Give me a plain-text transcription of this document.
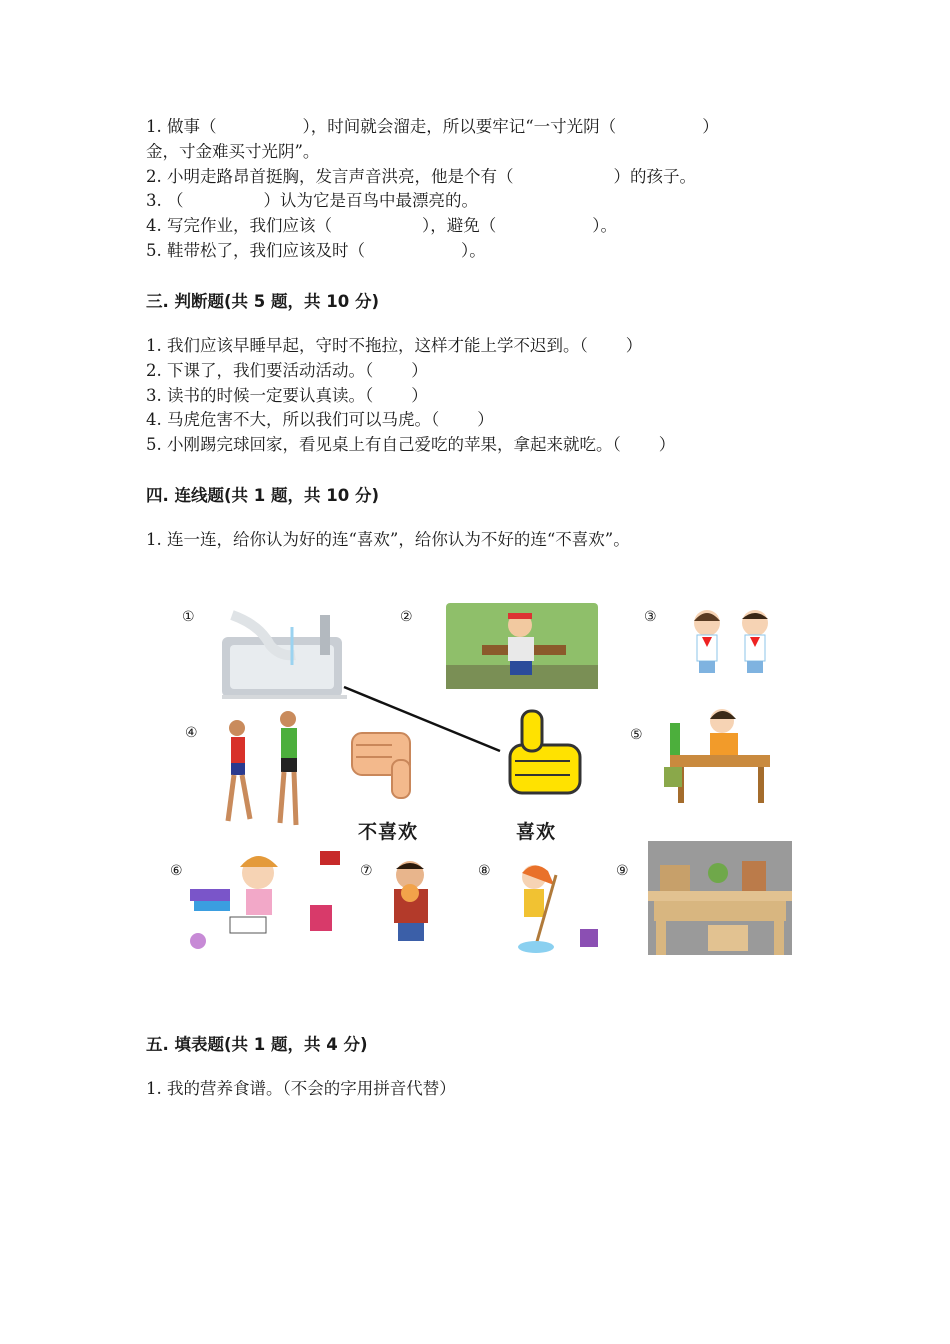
1. 做事（	），时间就会溜走，所以要牢记“一寸光阴（	）
金，寸金难买寸光阴”。
2. 小明走路昂首挺胸，发言声音洪亮，他是个有（	）的孩子。
3. （	）认为它是百鸟中最漂亮的。
4. 写完作业，我们应该（	），避免（	）。
5. 鞋带松了，我们应该及时（	）。
三. 判断题(共 5 题，共 10 分)
1. 我们应该早睡早起，守时不拖拉，这样才能上学不迟到。（ ）
2. 下课了，我们要活动活动。（ ）
3. 读书的时候一定要认真读。（ ）
4. 马虎危害不大，所以我们可以马虎。（ ）
5. 小刚踢完球回家，看见桌上有自己爱吃的苹果，拿起来就吃。（ ）
四. 连线题(共 1 题，共 10 分)
1. 连一连，给你认为好的连“喜欢”，给你认为不好的连“不喜欢”。
①	②	③
④	⑤
⑥	⑦	⑧	⑨
不喜欢	喜欢
五. 填表题(共 1 题，共 4 分)
1. 我的营养食谱。（不会的字用拼音代替）
